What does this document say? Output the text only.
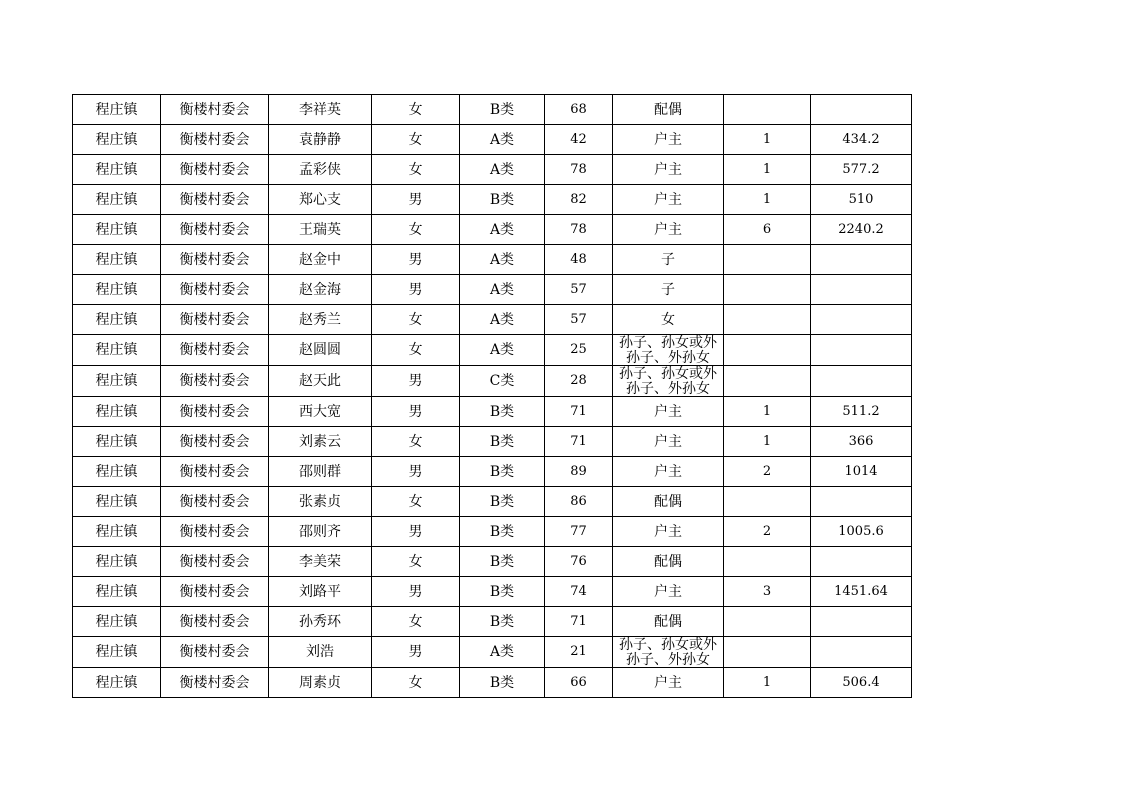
程庄镇	衡楼村委会	李祥英	女	B类	68	配偶		
程庄镇	衡楼村委会	袁静静	女	A类	42	户主	1	434.2
程庄镇	衡楼村委会	孟彩侠	女	A类	78	户主	1	577.2
程庄镇	衡楼村委会	郑心支	男	B类	82	户主	1	510
程庄镇	衡楼村委会	王瑞英	女	A类	78	户主	6	2240.2
程庄镇	衡楼村委会	赵金中	男	A类	48	子		
程庄镇	衡楼村委会	赵金海	男	A类	57	子		
程庄镇	衡楼村委会	赵秀兰	女	A类	57	女		
程庄镇	衡楼村委会	赵圆圆	女	A类	25	孙子、孙女或外孙子、外孙女		

程庄镇	衡楼村委会	赵天此	男	C类	28	孙子、孙女或外孙子、外孙女		

程庄镇	衡楼村委会	西大宽	男	B类	71	户主	1	511.2
程庄镇	衡楼村委会	刘素云	女	B类	71	户主	1	366
程庄镇	衡楼村委会	邵则群	男	B类	89	户主	2	1014
程庄镇	衡楼村委会	张素贞	女	B类	86	配偶		
程庄镇	衡楼村委会	邵则齐	男	B类	77	户主	2	1005.6
程庄镇	衡楼村委会	李美荣	女	B类	76	配偶		
程庄镇	衡楼村委会	刘路平	男	B类	74	户主	3	1451.64
程庄镇	衡楼村委会	孙秀环	女	B类	71	配偶		
程庄镇	衡楼村委会	刘浩	男	A类	21	孙子、孙女或外孙子、外孙女		

程庄镇	衡楼村委会	周素贞	女	B类	66	户主	1	506.4
